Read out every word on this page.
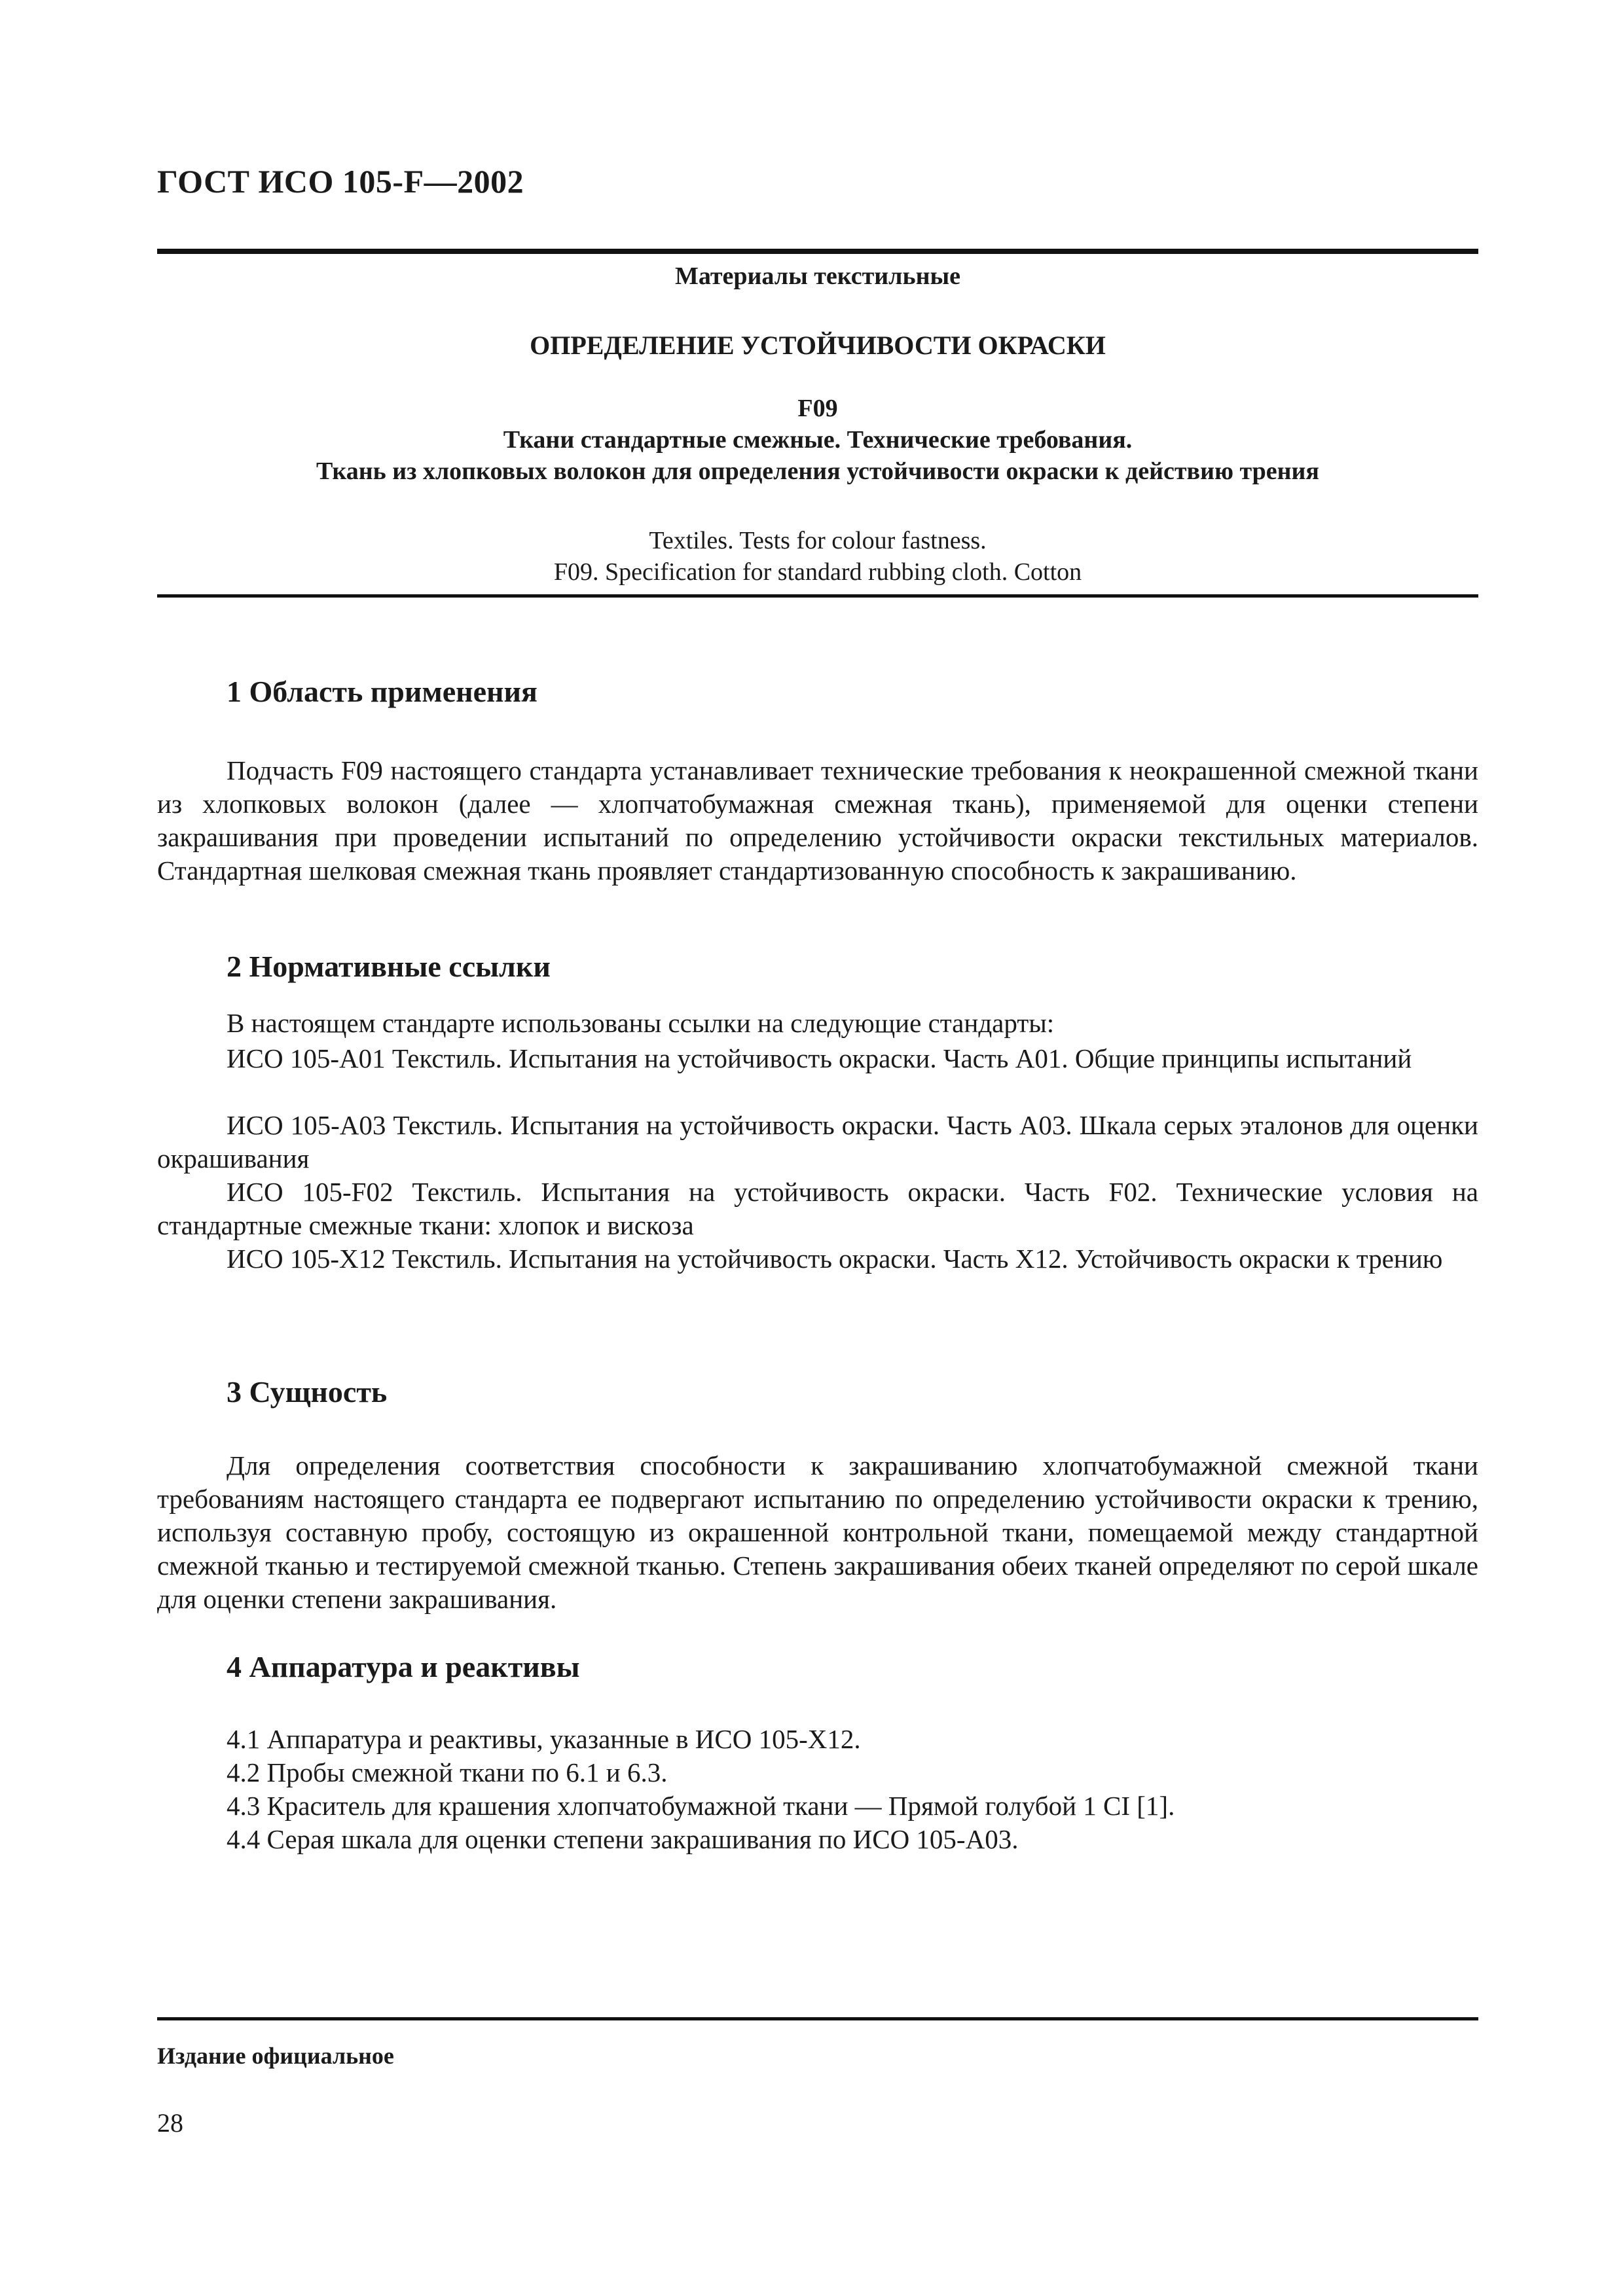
ГОСТ ИСО 105-F—2002

Материалы текстильные

ОПРЕДЕЛЕНИЕ УСТОЙЧИВОСТИ ОКРАСКИ

F09

Ткани стандартные смежные. Технические требования.

Ткань из хлопковых волокон для определения устойчивости окраски к действию трения

Textiles. Tests for colour fastness.

F09. Specification for standard rubbing cloth. Cotton

1 Область применения

Подчасть F09 настоящего стандарта устанавливает технические требования к неокрашенной смежной ткани из хлопковых волокон (далее — хлопчатобумажная смежная ткань), применяемой для оценки степени закрашивания при проведении испытаний по определению устойчивости окраски текстильных материалов. Стандартная шелковая смежная ткань проявляет стандартизованную способность к закрашиванию.

2 Нормативные ссылки

В настоящем стандарте использованы ссылки на следующие стандарты:

ИСО 105-А01 Текстиль. Испытания на устойчивость окраски. Часть А01. Общие принципы испытаний

ИСО 105-А03 Текстиль. Испытания на устойчивость окраски. Часть А03. Шкала серых эталонов для оценки окрашивания

ИСО 105-F02 Текстиль. Испытания на устойчивость окраски. Часть F02. Технические условия на стандартные смежные ткани: хлопок и вискоза

ИСО 105-Х12 Текстиль. Испытания на устойчивость окраски. Часть Х12. Устойчивость окраски к трению

3 Сущность

Для определения соответствия способности к закрашиванию хлопчатобумажной смежной ткани требованиям настоящего стандарта ее подвергают испытанию по определению устойчивости окраски к трению, используя составную пробу, состоящую из окрашенной контрольной ткани, помещаемой между стандартной смежной тканью и тестируемой смежной тканью. Степень закрашивания обеих тканей определяют по серой шкале для оценки степени закрашивания.

4 Аппаратура и реактивы

4.1 Аппаратура и реактивы, указанные в ИСО 105-Х12.

4.2 Пробы смежной ткани по 6.1 и 6.3.

4.3 Краситель для крашения хлопчатобумажной ткани — Прямой голубой 1 CI [1].

4.4 Серая шкала для оценки степени закрашивания по ИСО 105-А03.

Издание официальное

28
